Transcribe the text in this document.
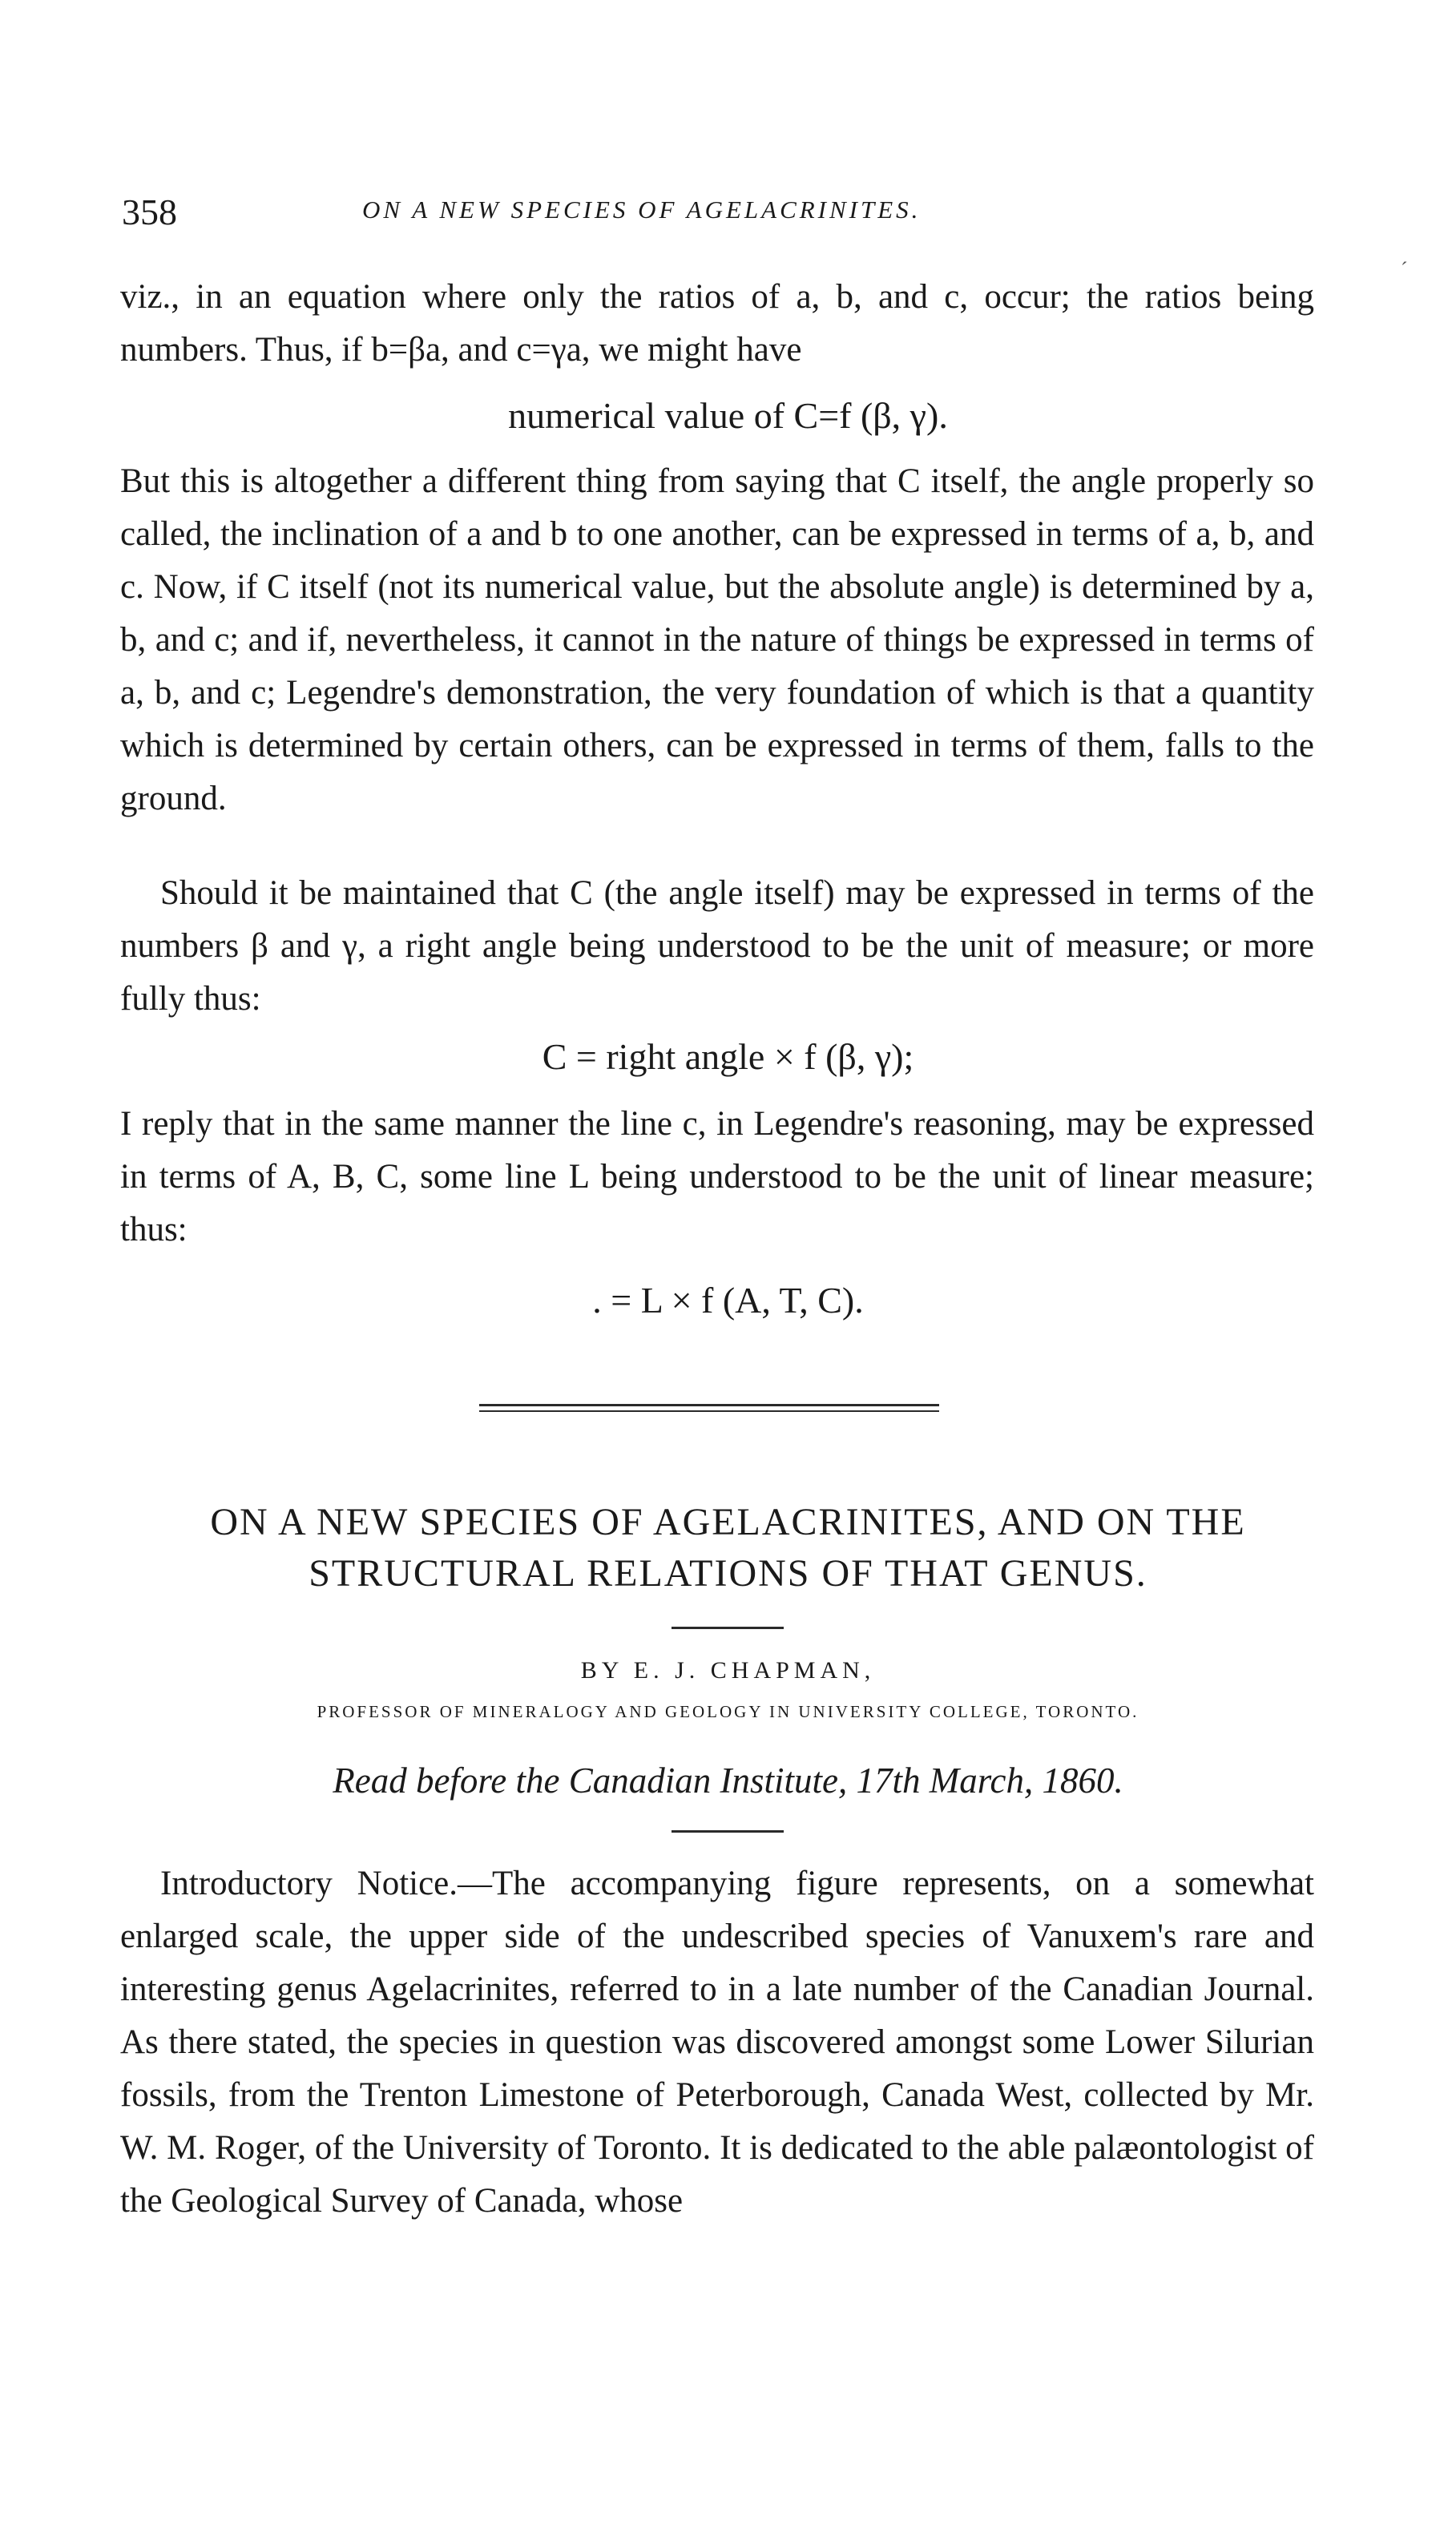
358	ON A NEW SPECIES OF AGELACRINITES.
´

viz., in an equation where only the ratios of a, b, and c, occur; the ratios being numbers. Thus, if b=βa, and c=γa, we might have

numerical value of C=f (β, γ).

But this is altogether a different thing from saying that C itself, the angle properly so called, the inclination of a and b to one another, can be expressed in terms of a, b, and c. Now, if C itself (not its numerical value, but the absolute angle) is determined by a, b, and c; and if, nevertheless, it cannot in the nature of things be expressed in terms of a, b, and c; Legendre's demonstration, the very foundation of which is that a quantity which is determined by certain others, can be expressed in terms of them, falls to the ground.

Should it be maintained that C (the angle itself) may be expressed in terms of the numbers β and γ, a right angle being understood to be the unit of measure; or more fully thus:

C = right angle × f (β, γ);

I reply that in the same manner the line c, in Legendre's reasoning, may be expressed in terms of A, B, C, some line L being understood to be the unit of linear measure; thus:

. = L × f (A, T, C).
ON A NEW SPECIES OF AGELACRINITES, AND ON THE
STRUCTURAL RELATIONS OF THAT GENUS.
BY E. J. CHAPMAN,
PROFESSOR OF MINERALOGY AND GEOLOGY IN UNIVERSITY COLLEGE, TORONTO.
Read before the Canadian Institute, 17th March, 1860.

Introductory Notice.—The accompanying figure represents, on a somewhat enlarged scale, the upper side of the undescribed species of Vanuxem's rare and interesting genus Agelacrinites, referred to in a late number of the Canadian Journal. As there stated, the species in question was discovered amongst some Lower Silurian fossils, from the Trenton Limestone of Peterborough, Canada West, collected by Mr. W. M. Roger, of the University of Toronto. It is dedicated to the able palæontologist of the Geological Survey of Canada, whose
